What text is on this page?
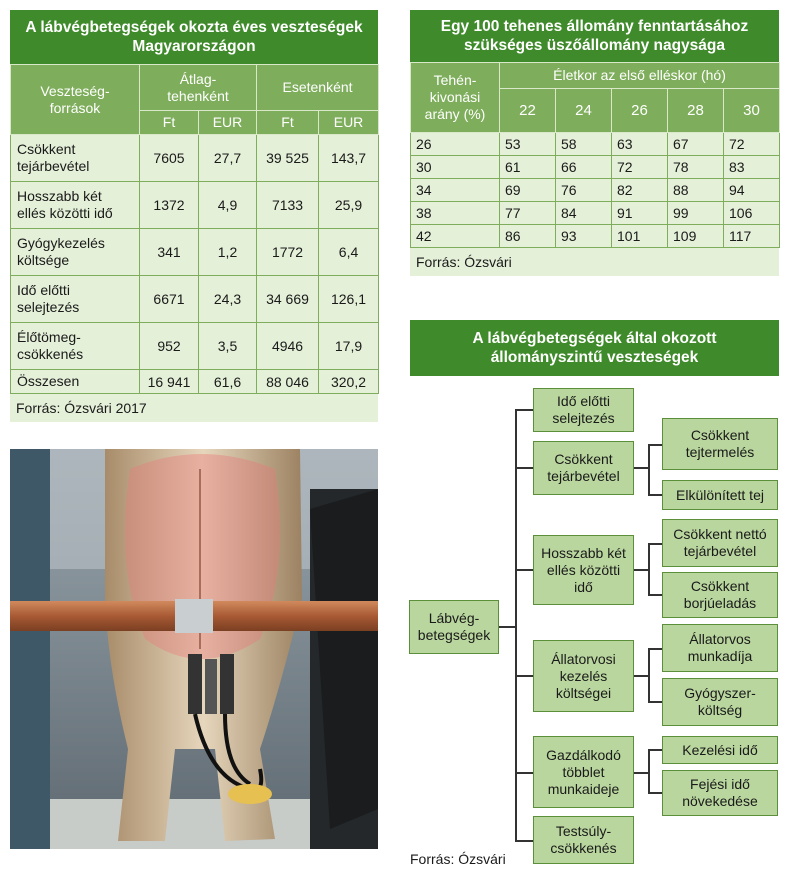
A lábvégbetegségek okozta éves veszteségek Magyarországon
Veszteség-források	Átlag-tehenként		Esetenként	
	Ft	EUR	Ft	EUR
Csökkent tejárbevétel	7605	27,7	39 525	143,7
Hosszabb két ellés közötti idő	1372	4,9	7133	25,9
Gyógykezelés költsége	341	1,2	1772	6,4
Idő előtti selejtezés	6671	24,3	34 669	126,1
Élőtömeg-csökkenés	952	3,5	4946	17,9
Összesen	16 941	61,6	88 046	320,2
Forrás: Ózsvári 2017
Egy 100 tehenes állomány fenntartásához szükséges üszőállomány nagysága
Tehén-kivonási arány (%)	Életkor az első elléskor (hó)				
	22	24	26	28	30
26	53	58	63	67	72
30	61	66	72	78	83
34	69	76	82	88	94
38	77	84	91	99	106
42	86	93	101	109	117
Forrás: Ózsvári
A lábvégbetegségek által okozott állományszintű veszteségek
Lábvég-betegségek
Idő előtti selejtezés
Csökkent tejárbevétel
Hosszabb két ellés közötti idő
Állatorvosi kezelés költségei
Gazdálkodó többlet munkaideje
Testsúly-csökkenés
Csökkent tejtermelés
Elkülönített tej
Csökkent nettó tejárbevétel
Csökkent borjúeladás
Állatorvos munkadíja
Gyógyszer-költség
Kezelési idő
Fejési idő növekedése
Forrás: Ózsvári
